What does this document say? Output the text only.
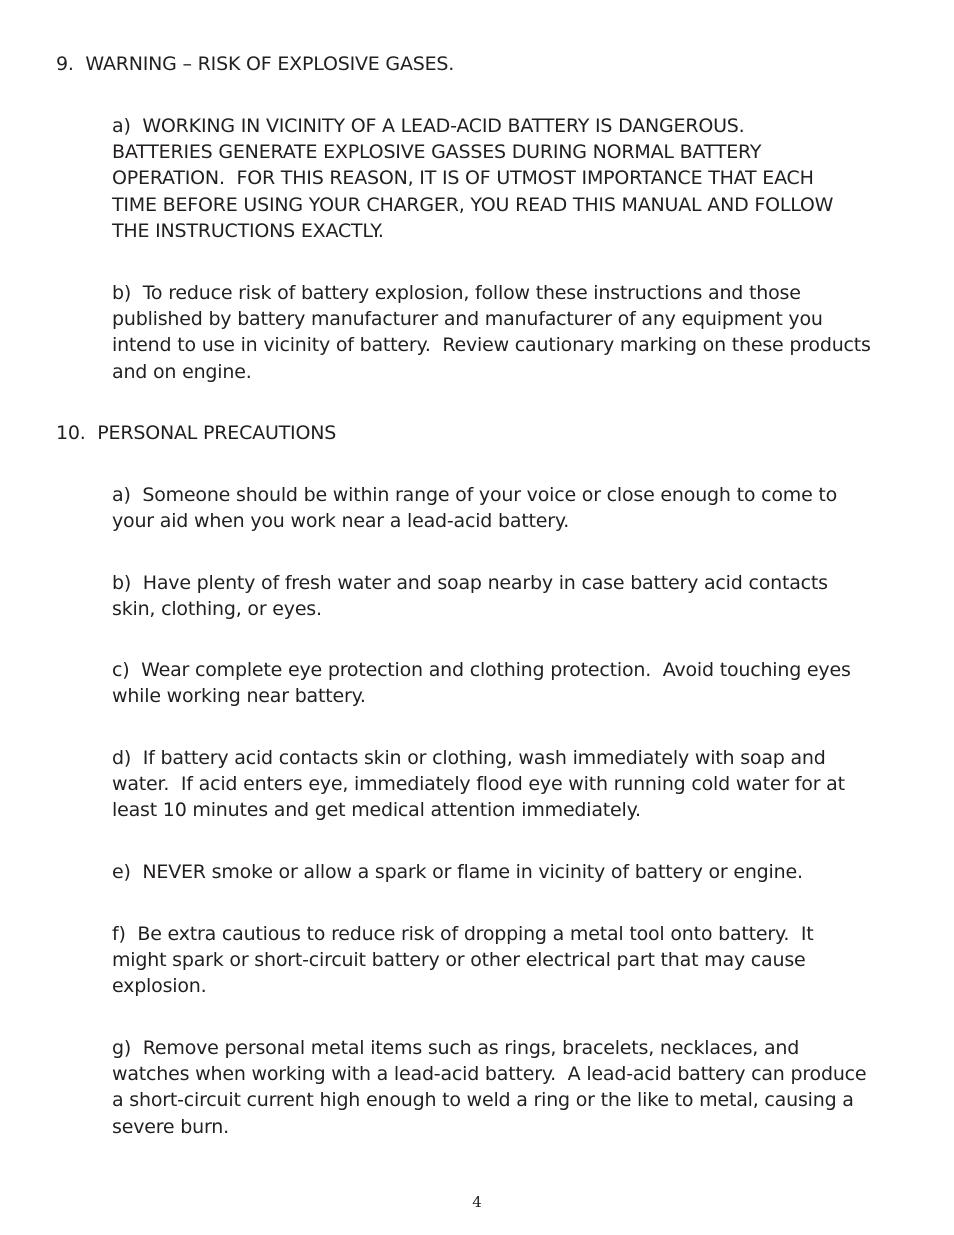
9.  WARNING – RISK OF EXPLOSIVE GASES.
a)  WORKING IN VICINITY OF A LEAD-ACID BATTERY IS DANGEROUS.
BATTERIES GENERATE EXPLOSIVE GASSES DURING NORMAL BATTERY
OPERATION.  FOR THIS REASON, IT IS OF UTMOST IMPORTANCE THAT EACH
TIME BEFORE USING YOUR CHARGER, YOU READ THIS MANUAL AND FOLLOW
THE INSTRUCTIONS EXACTLY.
b)  To reduce risk of battery explosion, follow these instructions and those
published by battery manufacturer and manufacturer of any equipment you
intend to use in vicinity of battery.  Review cautionary marking on these products
and on engine.
10.  PERSONAL PRECAUTIONS
a)  Someone should be within range of your voice or close enough to come to
your aid when you work near a lead-acid battery.
b)  Have plenty of fresh water and soap nearby in case battery acid contacts
skin, clothing, or eyes.
c)  Wear complete eye protection and clothing protection.  Avoid touching eyes
while working near battery.
d)  If battery acid contacts skin or clothing, wash immediately with soap and
water.  If acid enters eye, immediately flood eye with running cold water for at
least 10 minutes and get medical attention immediately.
e)  NEVER smoke or allow a spark or flame in vicinity of battery or engine.
f)  Be extra cautious to reduce risk of dropping a metal tool onto battery.  It
might spark or short-circuit battery or other electrical part that may cause
explosion.
g)  Remove personal metal items such as rings, bracelets, necklaces, and
watches when working with a lead-acid battery.  A lead-acid battery can produce
a short-circuit current high enough to weld a ring or the like to metal, causing a
severe burn.
4
